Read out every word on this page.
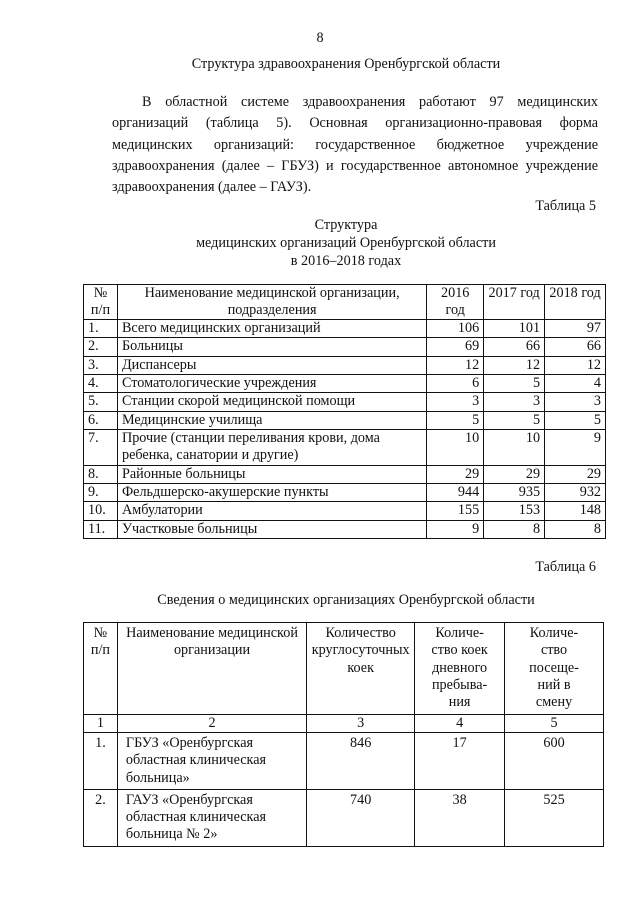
8
Структура здравоохранения Оренбургской области

В областной системе здравоохранения работают 97 медицинских организаций (таблица 5). Основная организационно-правовая форма медицинских организаций: государственное бюджетное учреждение здравоохранения (далее – ГБУЗ) и государственное автономное учреждение здравоохранения (далее – ГАУЗ).

Таблица 5
Структура
медицинских организаций Оренбургской области
в 2016–2018 годах
№ п/п	Наименование медицинской организации, подразделения	2016 год	2017 год	2018 год
1.	Всего медицинских организаций	106	101	97
2.	Больницы	69	66	66
3.	Диспансеры	12	12	12
4.	Стоматологические учреждения	6	5	4
5.	Станции скорой медицинской помощи	3	3	3
6.	Медицинские училища	5	5	5
7.	Прочие (станции переливания крови, дома ребенка, санатории и другие)	10	10	9
8.	Районные больницы	29	29	29
9.	Фельдшерско-акушерские пункты	944	935	932
10.	Амбулатории	155	153	148
11.	Участковые больницы	9	8	8
Таблица 6
Сведения о медицинских организациях Оренбургской области
№ п/п	Наименование медицинской организации	Количество круглосуточных коек	Количе-ство коек дневного пребыва-ния	Количе-ство посеще-ний в смену
1	2	3	4	5
1.	ГБУЗ «Оренбургская областная клиническая больница»	846	17	600
2.	ГАУЗ «Оренбургская областная клиническая больница № 2»	740	38	525
